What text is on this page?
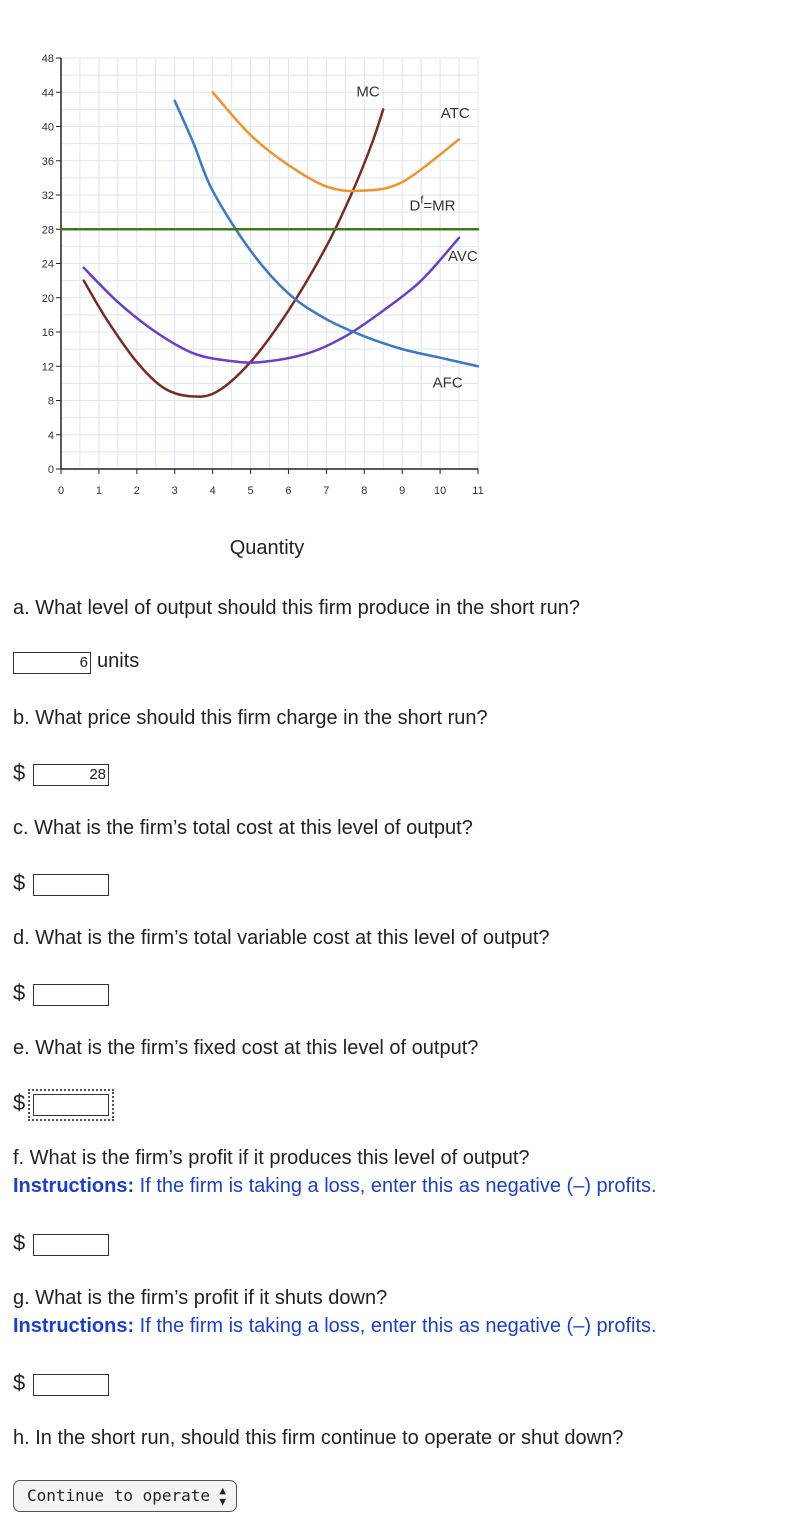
0
4
8
12
16
20
24
28
32
36
40
44
48
0	1	2	3	4	5	6	7	8	9	10 11
MC
ATC
AVC
AFC
$D^f=MR$
Quantity
a. What level of output should this firm produce in the short run?
6 units
b. What price should this firm charge in the short run?
$	28
c. What is the firm’s total cost at this level of output?
$
d. What is the firm’s total variable cost at this level of output?
$
e. What is the firm’s fixed cost at this level of output?
$
f. What is the firm’s profit if it produces this level of output?
Instructions: If the firm is taking a loss, enter this as negative (–) profits.
$
g. What is the firm’s profit if it shuts down?
Instructions: If the firm is taking a loss, enter this as negative (–) profits.
$
h. In the short run, should this firm continue to operate or shut down?
Continue to operate ▲
▼
